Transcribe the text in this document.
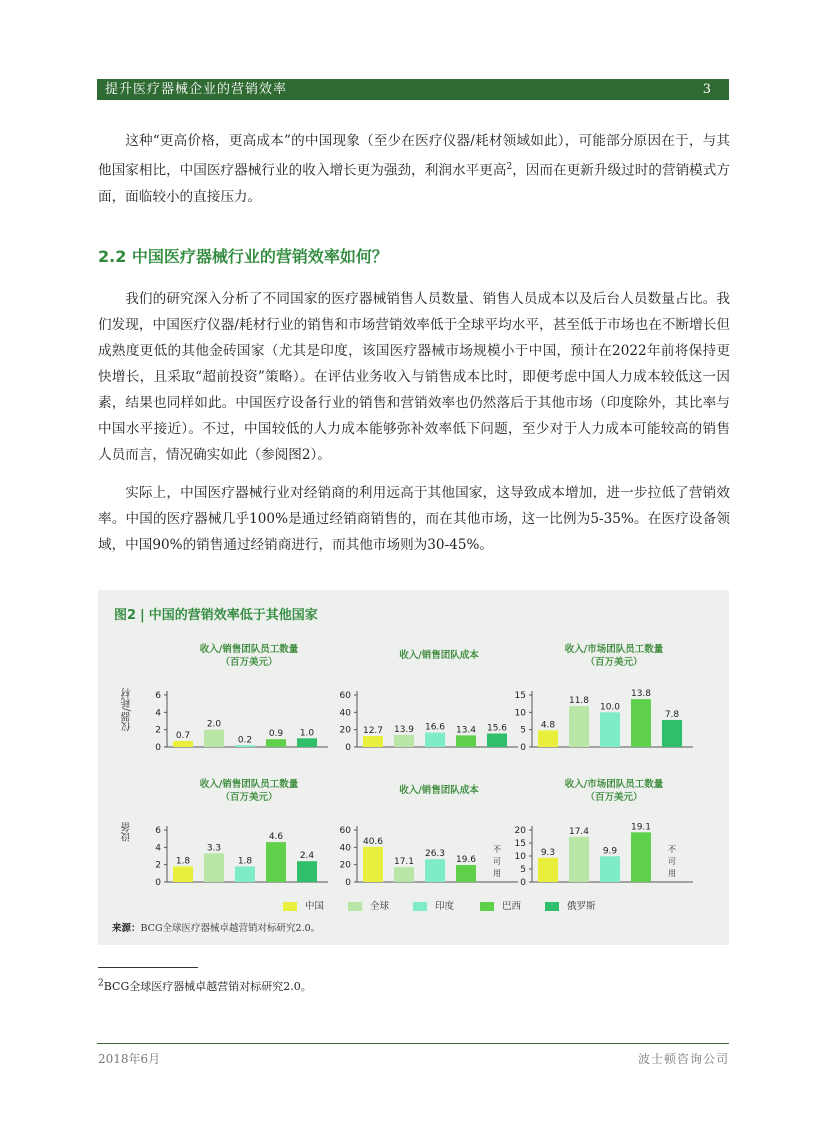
提升医疗器械企业的营销效率	3

这种“更高价格，更高成本”的中国现象（至少在医疗仪器/耗材领域如此），可能部分原因在于，与其他国家相比，中国医疗器械行业的收入增长更为强劲，利润水平更高$^2$，因而在更新升级过时的营销模式方面，面临较小的直接压力。

2.2 中国医疗器械行业的营销效率如何？

我们的研究深入分析了不同国家的医疗器械销售人员数量、销售人员成本以及后台人员数量占比。我们发现，中国医疗仪器/耗材行业的销售和市场营销效率低于全球平均水平，甚至低于市场也在不断增长但成熟度更低的其他金砖国家（尤其是印度，该国医疗器械市场规模小于中国，预计在2022年前将保持更快增长，且采取“超前投资”策略）。在评估业务收入与销售成本比时，即便考虑中国人力成本较低这一因素，结果也同样如此。中国医疗设备行业的销售和营销效率也仍然落后于其他市场（印度除外，其比率与中国水平接近）。不过，中国较低的人力成本能够弥补效率低下问题，至少对于人力成本可能较高的销售人员而言，情况确实如此（参阅图2）。

实际上，中国医疗器械行业对经销商的利用远高于其他国家，这导致成本增加，进一步拉低了营销效率。中国的医疗器械几乎100%是通过经销商销售的，而在其他市场，这一比例为5-35%。在医疗设备领域，中国90%的销售通过经销商进行，而其他市场则为30-45%。

图2 | 中国的营销效率低于其他国家
仪器/耗材
设备
收入/销售团队员工数量
（百万美元）
0
2
4
6
0.7
2.0
0.2
0.9 1.0
收入/销售团队成本
0
20
40
60
12.7 13.9 16.6 13.4 15.6
收入/市场团队员工数量
（百万美元）
0
5
10
15
4.8
11.8
10.0
13.8
7.8
收入/销售团队员工数量
（百万美元）
0
2
4
6
1.8
3.3
1.8
4.6
2.4
收入/销售团队成本
0
20
40
60
40.6
17.1
26.3
19.6
不
可
用
收入/市场团队员工数量
（百万美元）
0
5
10
15
20
9.3
17.4
9.9
19.1
不
可
用
中国	全球	印度	巴西	俄罗斯
来源：BCG全球医疗器械卓越营销对标研究2.0。
$^2$BCG全球医疗器械卓越营销对标研究2.0。
2018年6月	波士顿咨询公司
